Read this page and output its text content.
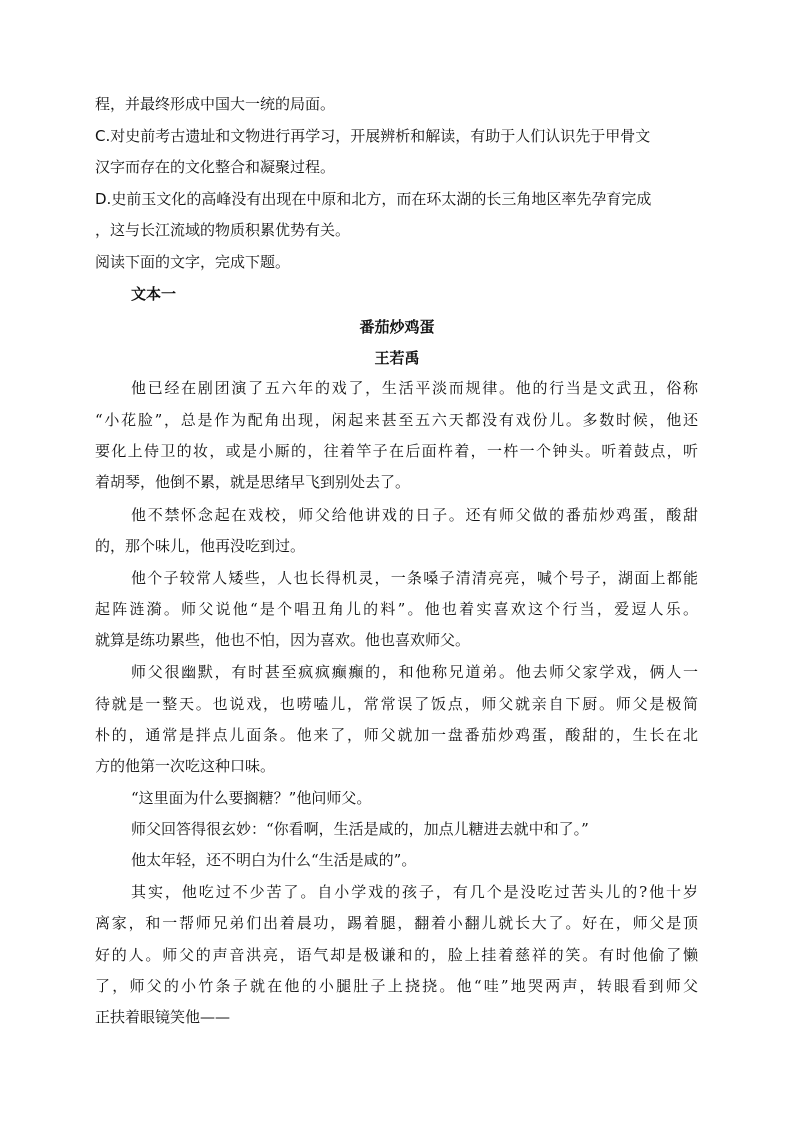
程，并最终形成中国大一统的局面。
C.对史前考古遗址和文物进行再学习，开展辨析和解读，有助于人们认识先于甲骨文
汉字而存在的文化整合和凝聚过程。
D.史前玉文化的高峰没有出现在中原和北方，而在环太湖的长三角地区率先孕育完成
，这与长江流域的物质积累优势有关。
阅读下面的文字，完成下题。
文本一
番茄炒鸡蛋
王若禹
他已经在剧团演了五六年的戏了，生活平淡而规律。他的行当是文武丑，俗称
“小花脸”，总是作为配角出现，闲起来甚至五六天都没有戏份儿。多数时候，他还
要化上侍卫的妆，或是小厮的，往着竿子在后面杵着，一杵一个钟头。听着鼓点，听
着胡琴，他倒不累，就是思绪早飞到别处去了。
他不禁怀念起在戏校，师父给他讲戏的日子。还有师父做的番茄炒鸡蛋，酸甜
的，那个味儿，他再没吃到过。
他个子较常人矮些，人也长得机灵，一条嗓子清清亮亮，喊个号子，湖面上都能
起阵涟漪。师父说他“是个唱丑角儿的料”。他也着实喜欢这个行当，爱逗人乐。
就算是练功累些，他也不怕，因为喜欢。他也喜欢师父。
师父很幽默，有时甚至疯疯癫癫的，和他称兄道弟。他去师父家学戏，俩人一
待就是一整天。也说戏，也唠嗑儿，常常误了饭点，师父就亲自下厨。师父是极简
朴的，通常是拌点儿面条。他来了，师父就加一盘番茄炒鸡蛋，酸甜的，生长在北
方的他第一次吃这种口味。
“这里面为什么要搁糖？”他问师父。
师父回答得很玄妙：“你看啊，生活是咸的，加点儿糖进去就中和了。”
他太年轻，还不明白为什么“生活是咸的”。
其实，他吃过不少苦了。自小学戏的孩子，有几个是没吃过苦头儿的?他十岁
离家，和一帮师兄弟们出着晨功，踢着腿，翻着小翻儿就长大了。好在，师父是顶
好的人。师父的声音洪亮，语气却是极谦和的，脸上挂着慈祥的笑。有时他偷了懒
了，师父的小竹条子就在他的小腿肚子上挠挠。他“哇”地哭两声，转眼看到师父
正扶着眼镜笑他——
